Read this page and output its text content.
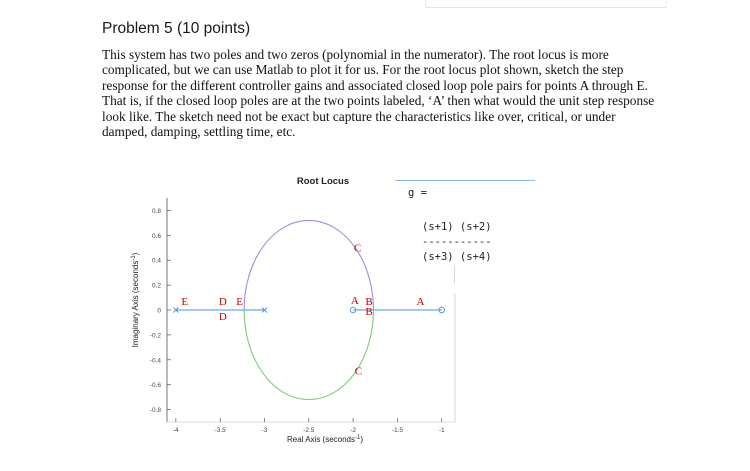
Problem 5 (10 points)

This system has two poles and two zeros (polynomial in the numerator). The root locus is more complicated, but we can use Matlab to plot it for us. For the root locus plot shown, sketch the step response for the different controller gains and associated closed loop pole pairs for points A through E. That is, if the closed loop poles are at the two points labeled, ‘A’ then what would the unit step response look like. The sketch need not be exact but capture the characteristics like over, critical, or under damped, damping, settling time, etc.

Root Locus
0.8
0.6
0.4
0.2
0
-0.2
-0.4
-0.6
-0.8
-4	-3.5	-3	-2.5	-2	-1.5	-1
E	D E
D
C
C
A B
B
A
Real Axis (seconds$^{-1}$)
Imaginary Axis (seconds$^{-1}$)
g =
(s+1) (s+2)
-----------
(s+3) (s+4)
